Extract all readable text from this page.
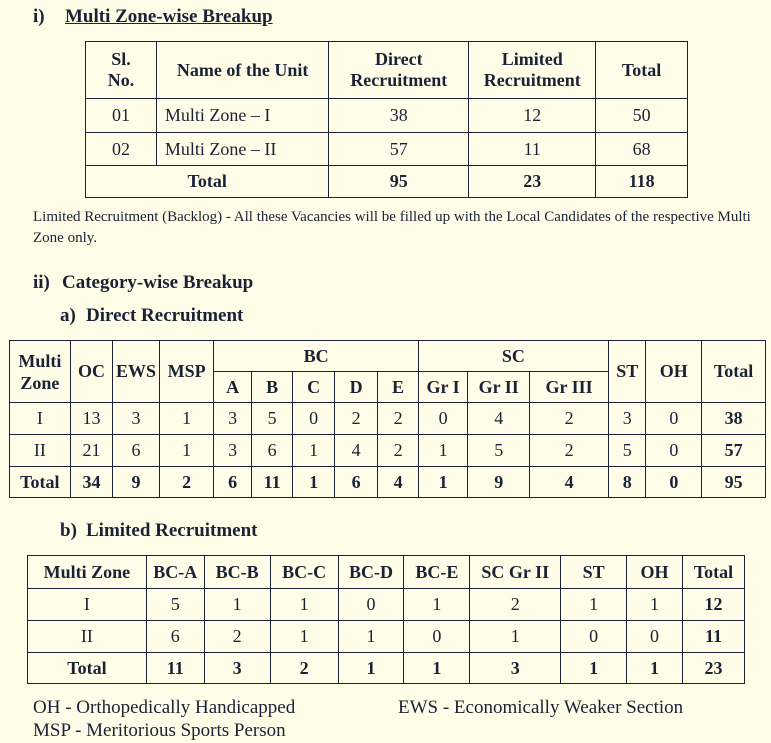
i) Multi Zone-wise Breakup
Sl. No.	Name of the Unit	Direct Recruitment	Limited Recruitment	Total
01	Multi Zone – I	38	12	50
02	Multi Zone – II	57	11	68
Total		95	23	118
Limited Recruitment (Backlog) - All these Vacancies will be filled up with the Local Candidates of the respective Multi Zone only.
ii) Category-wise Breakup
a) Direct Recruitment
Multi Zone	OC	EWS	MSP	BC					SC			ST	OH	Total
				A	B	C	D	E	Gr I	Gr II	Gr III			
I	13	3	1	3	5	0	2	2	0	4	2	3	0	38
II	21	6	1	3	6	1	4	2	1	5	2	5	0	57
Total	34	9	2	6	11	1	6	4	1	9	4	8	0	95
b) Limited Recruitment
Multi Zone	BC-A	BC-B	BC-C	BC-D	BC-E	SC Gr II	ST	OH	Total
I	5	1	1	0	1	2	1	1	12
II	6	2	1	1	0	1	0	0	11
Total	11	3	2	1	1	3	1	1	23
OH - Orthopedically Handicapped	EWS - Economically Weaker Section
MSP - Meritorious Sports Person
